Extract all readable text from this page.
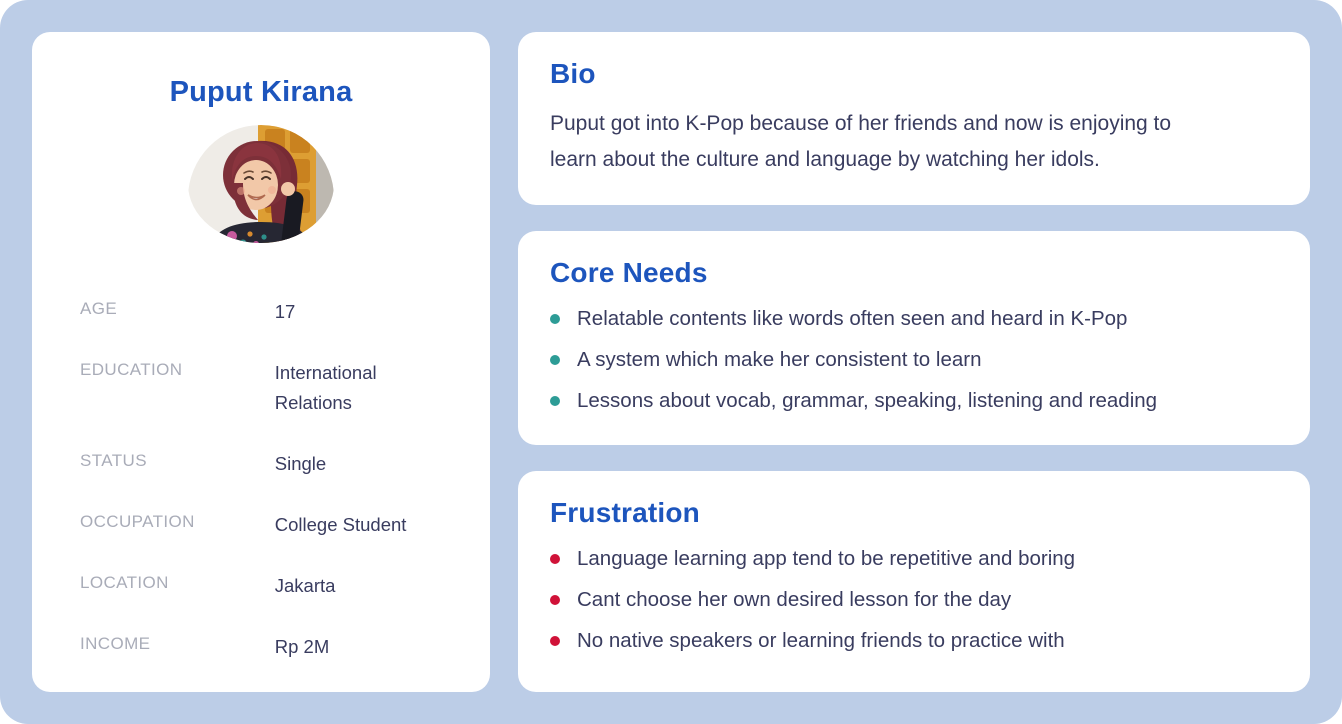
Puput Kirana
AGE	17
EDUCATION	International Relations
STATUS	Single
OCCUPATION	College Student
LOCATION	Jakarta
INCOME	Rp 2M
Bio

Puput got into K-Pop because of her friends and now is enjoying to learn about the culture and language by watching her idols.

Core Needs
Relatable contents like words often seen and heard in K-Pop
A system which make her consistent to learn
Lessons about vocab, grammar, speaking, listening and reading
Frustration
Language learning app tend to be repetitive and boring
Cant choose her own desired lesson for the day
No native speakers or learning friends to practice with
